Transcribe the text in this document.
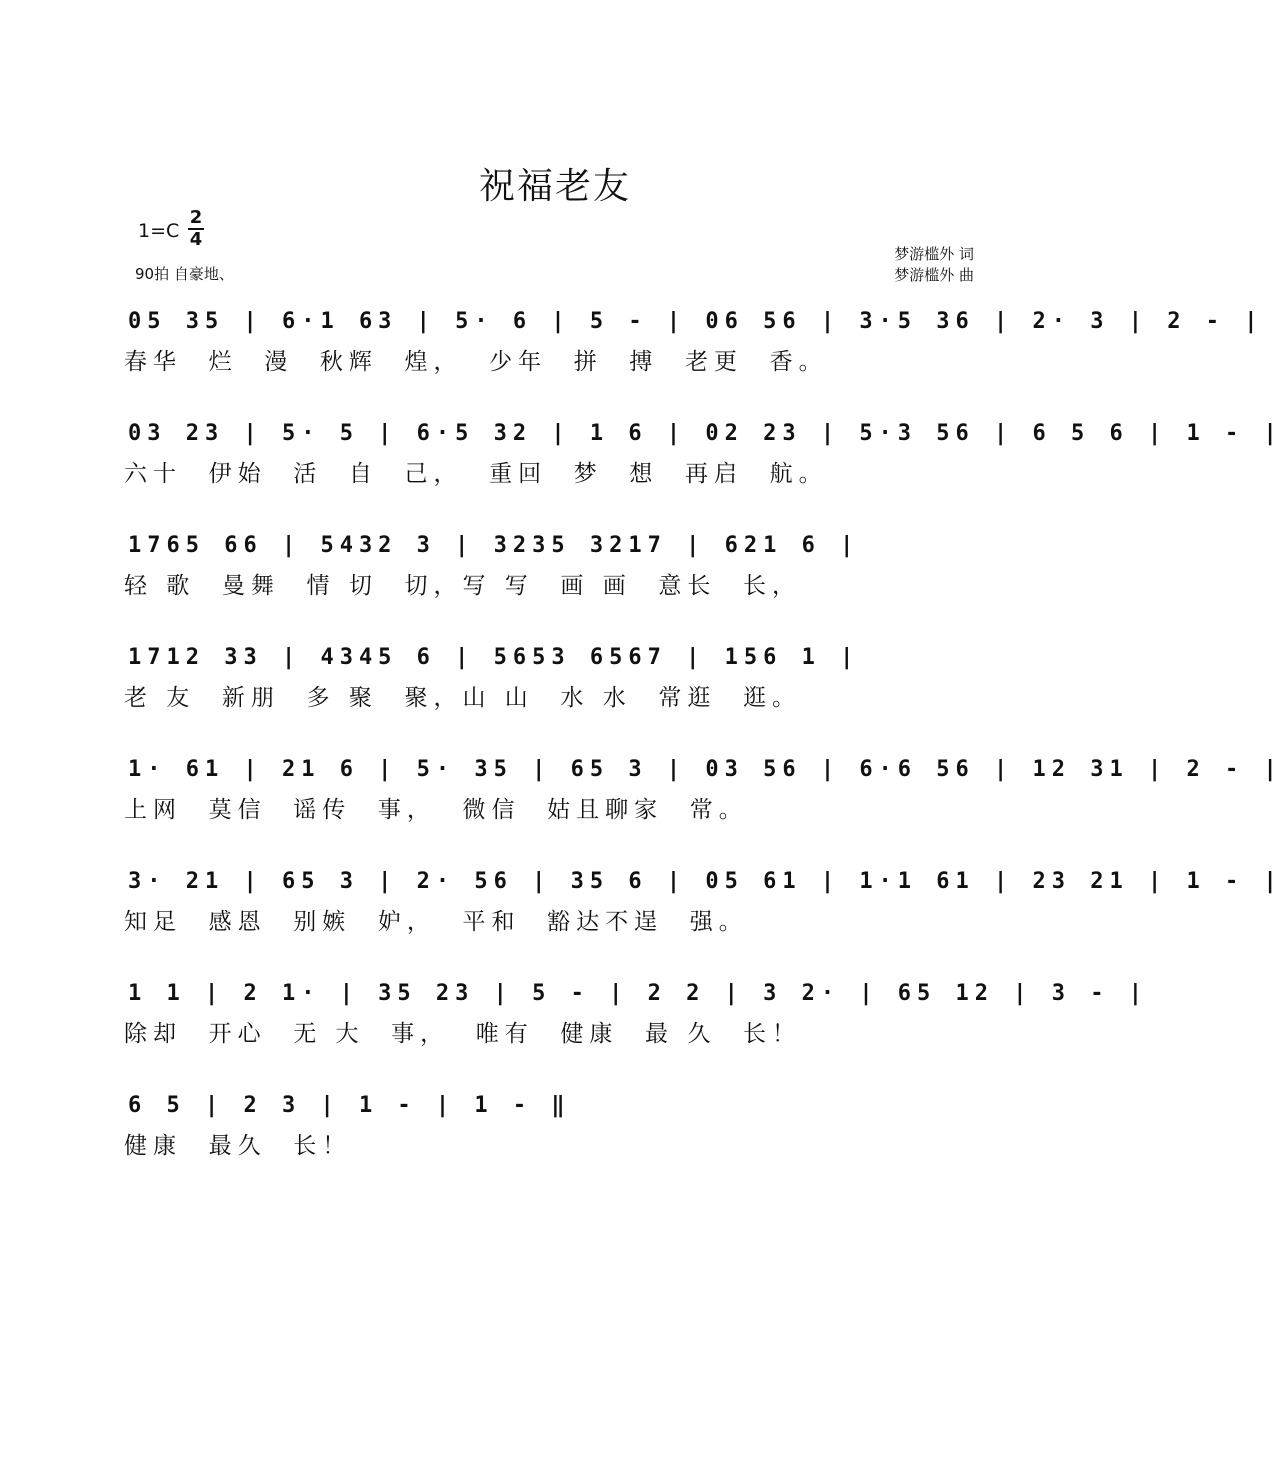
祝福老友
1=C
2
4
90拍 自豪地、
梦游槛外 词
梦游槛外 曲
05 35 | 6·1 63 | 5· 6 | 5 - | 06 56 | 3·5 36 | 2· 3 | 2 - |
春华  烂  漫  秋辉  煌，  少年  拼  搏  老更  香。
03 23 | 5· 5 | 6·5 32 | 1 6 | 02 23 | 5·3 56 | 6 5 6 | 1 - |
六十  伊始  活  自  己，  重回  梦  想  再启  航。
1765 66 | 5432 3 | 3235 3217 | 621 6 |
轻 歌  曼舞  情 切  切，写 写  画 画  意长  长，
1712 33 | 4345 6 | 5653 6567 | 156 1 |
老 友  新朋  多 聚  聚，山 山  水 水  常逛  逛。
1· 61 | 21 6 | 5· 35 | 65 3 | 03 56 | 6·6 56 | 12 31 | 2 - |
上网  莫信  谣传  事，  微信  姑且聊家  常。
3· 21 | 65 3 | 2· 56 | 35 6 | 05 61 | 1·1 61 | 23 21 | 1 - |
知足  感恩  别嫉  妒，  平和  豁达不逞  强。
1 1 | 2 1· | 35 23 | 5 - | 2 2 | 3 2· | 65 12 | 3 - |
除却  开心  无 大  事，  唯有  健康  最 久  长！
6 5 | 2 3 | 1 - | 1 - ‖
健康  最久  长！
